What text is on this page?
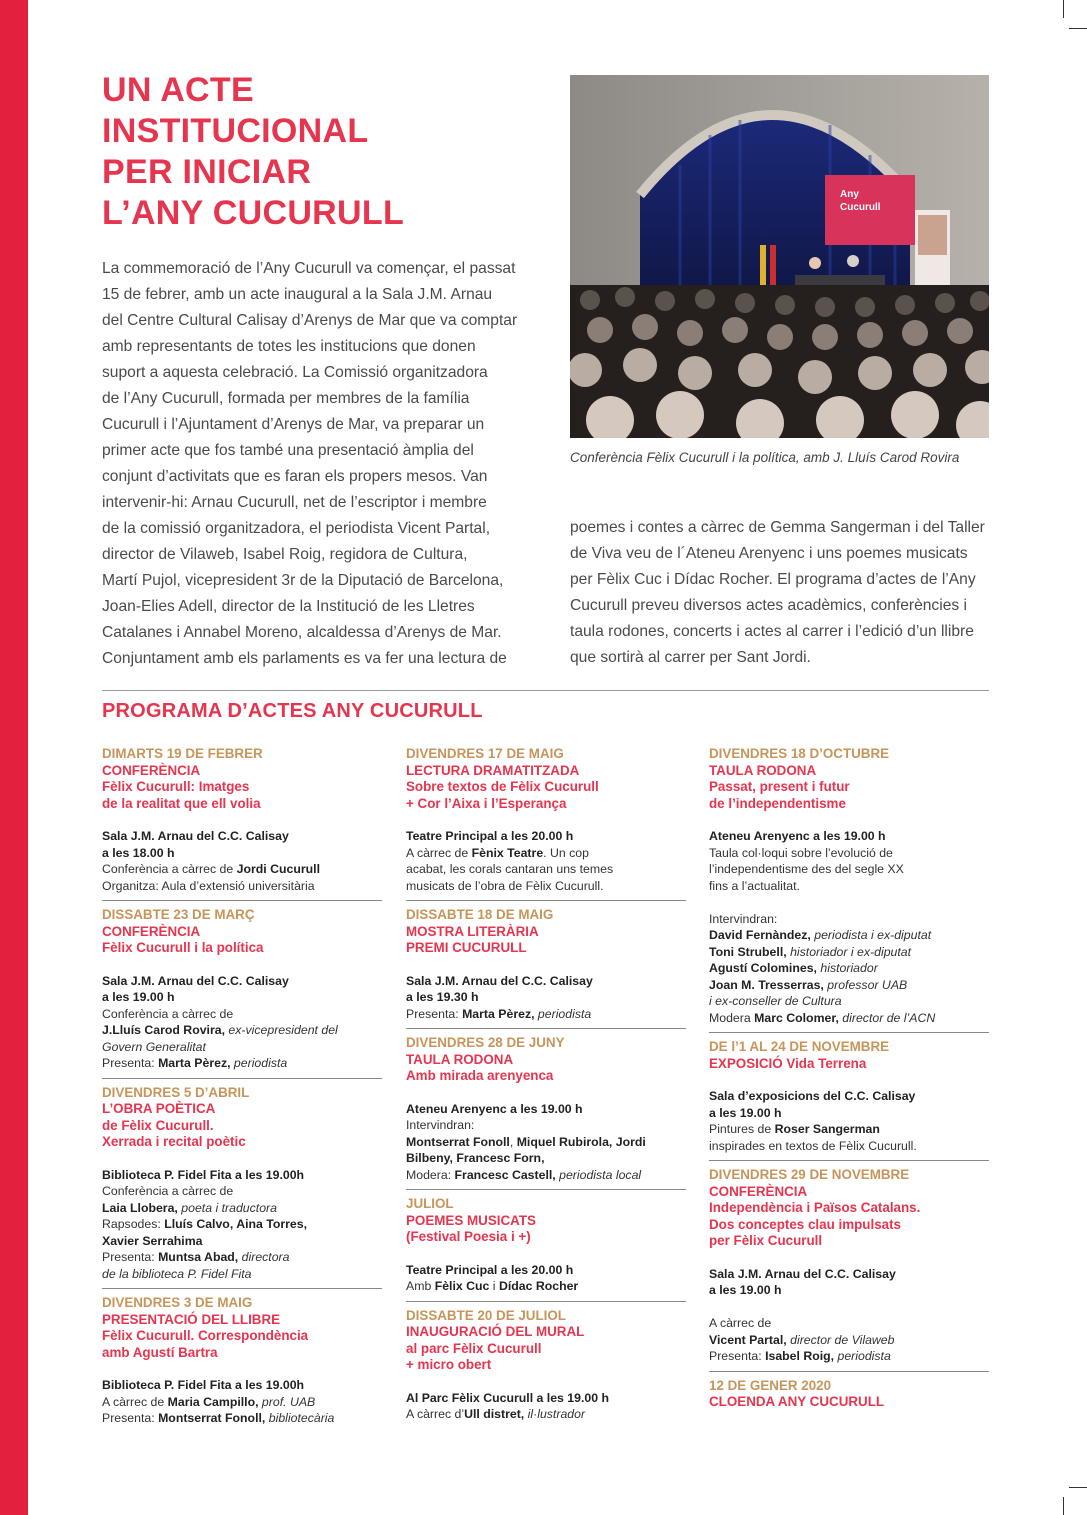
UN ACTE
INSTITUCIONAL
PER INICIAR
L’ANY CUCURULL

La commemoració de l’Any Cucurull va començar, el passat

15 de febrer, amb un acte inaugural a la Sala J.M. Arnau

del Centre Cultural Calisay d’Arenys de Mar que va comptar

amb representants de totes les institucions que donen

suport a aquesta celebració. La Comissió organitzadora

de l’Any Cucurull, formada per membres de la família

Cucurull i l’Ajuntament d’Arenys de Mar, va preparar un

primer acte que fos també una presentació àmplia del

conjunt d’activitats que es faran els propers mesos. Van

intervenir-hi: Arnau Cucurull, net de l’escriptor i membre

de la comissió organitzadora, el periodista Vicent Partal,

director de Vilaweb, Isabel Roig, regidora de Cultura,

Martí Pujol, vicepresident 3r de la Diputació de Barcelona,

Joan-Elies Adell, director de la Institució de les Lletres

Catalanes i Annabel Moreno, alcaldessa d’Arenys de Mar.

Conjuntament amb els parlaments es va fer una lectura de

Any
Cucurull
Conferència Fèlix Cucurull i la política, amb J. Lluís Carod Rovira

poemes i contes a càrrec de Gemma Sangerman i del Taller

de Viva veu de l´Ateneu Arenyenc i uns poemes musicats

per Fèlix Cuc i Dídac Rocher. El programa d’actes de l’Any

Cucurull preveu diversos actes acadèmics, conferències i

taula rodones, concerts i actes al carrer i l’edició d’un llibre

que sortirà al carrer per Sant Jordi.

PROGRAMA D’ACTES ANY CUCURULL
DIMARTS 19 DE FEBRER
CONFERÈNCIA
Fèlix Cucurull: Imatges
de la realitat que ell volia
Sala J.M. Arnau del C.C. Calisay
a les 18.00 h
Conferència a càrrec de Jordi Cucurull
Organitza: Aula d’extensió universitària
DISSABTE 23 DE MARÇ
CONFERÈNCIA
Fèlix Cucurull i la política
Sala J.M. Arnau del C.C. Calisay
a les 19.00 h
Conferència a càrrec de
J.Lluís Carod Rovira, ex-vicepresident del
Govern Generalitat
Presenta: Marta Pèrez, periodista
DIVENDRES 5 D’ABRIL
L’OBRA POÈTICA
de Fèlix Cucurull.
Xerrada i recital poètic
Biblioteca P. Fidel Fita a les 19.00h
Conferència a càrrec de
Laia Llobera, poeta i traductora
Rapsodes: Lluís Calvo, Aina Torres,
Xavier Serrahima
Presenta: Muntsa Abad, directora
de la biblioteca P. Fidel Fita
DIVENDRES 3 DE MAIG
PRESENTACIÓ DEL LLIBRE
Fèlix Cucurull. Correspondència
amb Agustí Bartra
Biblioteca P. Fidel Fita a les 19.00h
A càrrec de Maria Campillo, prof. UAB
Presenta: Montserrat Fonoll, bibliotecària
DIVENDRES 17 DE MAIG
LECTURA DRAMATITZADA
Sobre textos de Fèlix Cucurull
+ Cor l’Aixa i l’Esperança
Teatre Principal a les 20.00 h
A càrrec de Fènix Teatre. Un cop
acabat, les corals cantaran uns temes
musicats de l’obra de Fèlix Cucurull.
DISSABTE 18 DE MAIG
MOSTRA LITERÀRIA
PREMI CUCURULL
Sala J.M. Arnau del C.C. Calisay
a les 19.30 h
Presenta: Marta Pèrez, periodista
DIVENDRES 28 DE JUNY
TAULA RODONA
Amb mirada arenyenca
Ateneu Arenyenc a les 19.00 h
Intervindran:
Montserrat Fonoll, Miquel Rubirola, Jordi
Bilbeny, Francesc Forn,
Modera: Francesc Castell, periodista local
JULIOL
POEMES MUSICATS
(Festival Poesia i +)
Teatre Principal a les 20.00 h
Amb Fèlix Cuc i Dídac Rocher
DISSABTE 20 DE JULIOL
INAUGURACIÓ DEL MURAL
al parc Fèlix Cucurull
+ micro obert
Al Parc Fèlix Cucurull a les 19.00 h
A càrrec d’Ull distret, il·lustrador
DIVENDRES 18 D’OCTUBRE
TAULA RODONA
Passat, present i futur
de l’independentisme
Ateneu Arenyenc a les 19.00 h
Taula col·loqui sobre l’evolució de
l’independentisme des del segle XX
fins a l’actualitat.
Intervindran:
David Fernàndez, periodista i ex-diputat
Toni Strubell, historiador i ex-diputat
Agustí Colomines, historiador
Joan M. Tresserras, professor UAB
i ex-conseller de Cultura
Modera Marc Colomer, director de l’ACN
DE l’1 AL 24 DE NOVEMBRE
EXPOSICIÓ Vida Terrena
Sala d’exposicions del C.C. Calisay
a les 19.00 h
Pintures de Roser Sangerman
inspirades en textos de Fèlix Cucurull.
DIVENDRES 29 DE NOVEMBRE
CONFERÈNCIA
Independència i Països Catalans.
Dos conceptes clau impulsats
per Fèlix Cucurull
Sala J.M. Arnau del C.C. Calisay
a les 19.00 h
A càrrec de
Vicent Partal, director de Vilaweb
Presenta: Isabel Roig, periodista
12 DE GENER 2020
CLOENDA ANY CUCURULL
